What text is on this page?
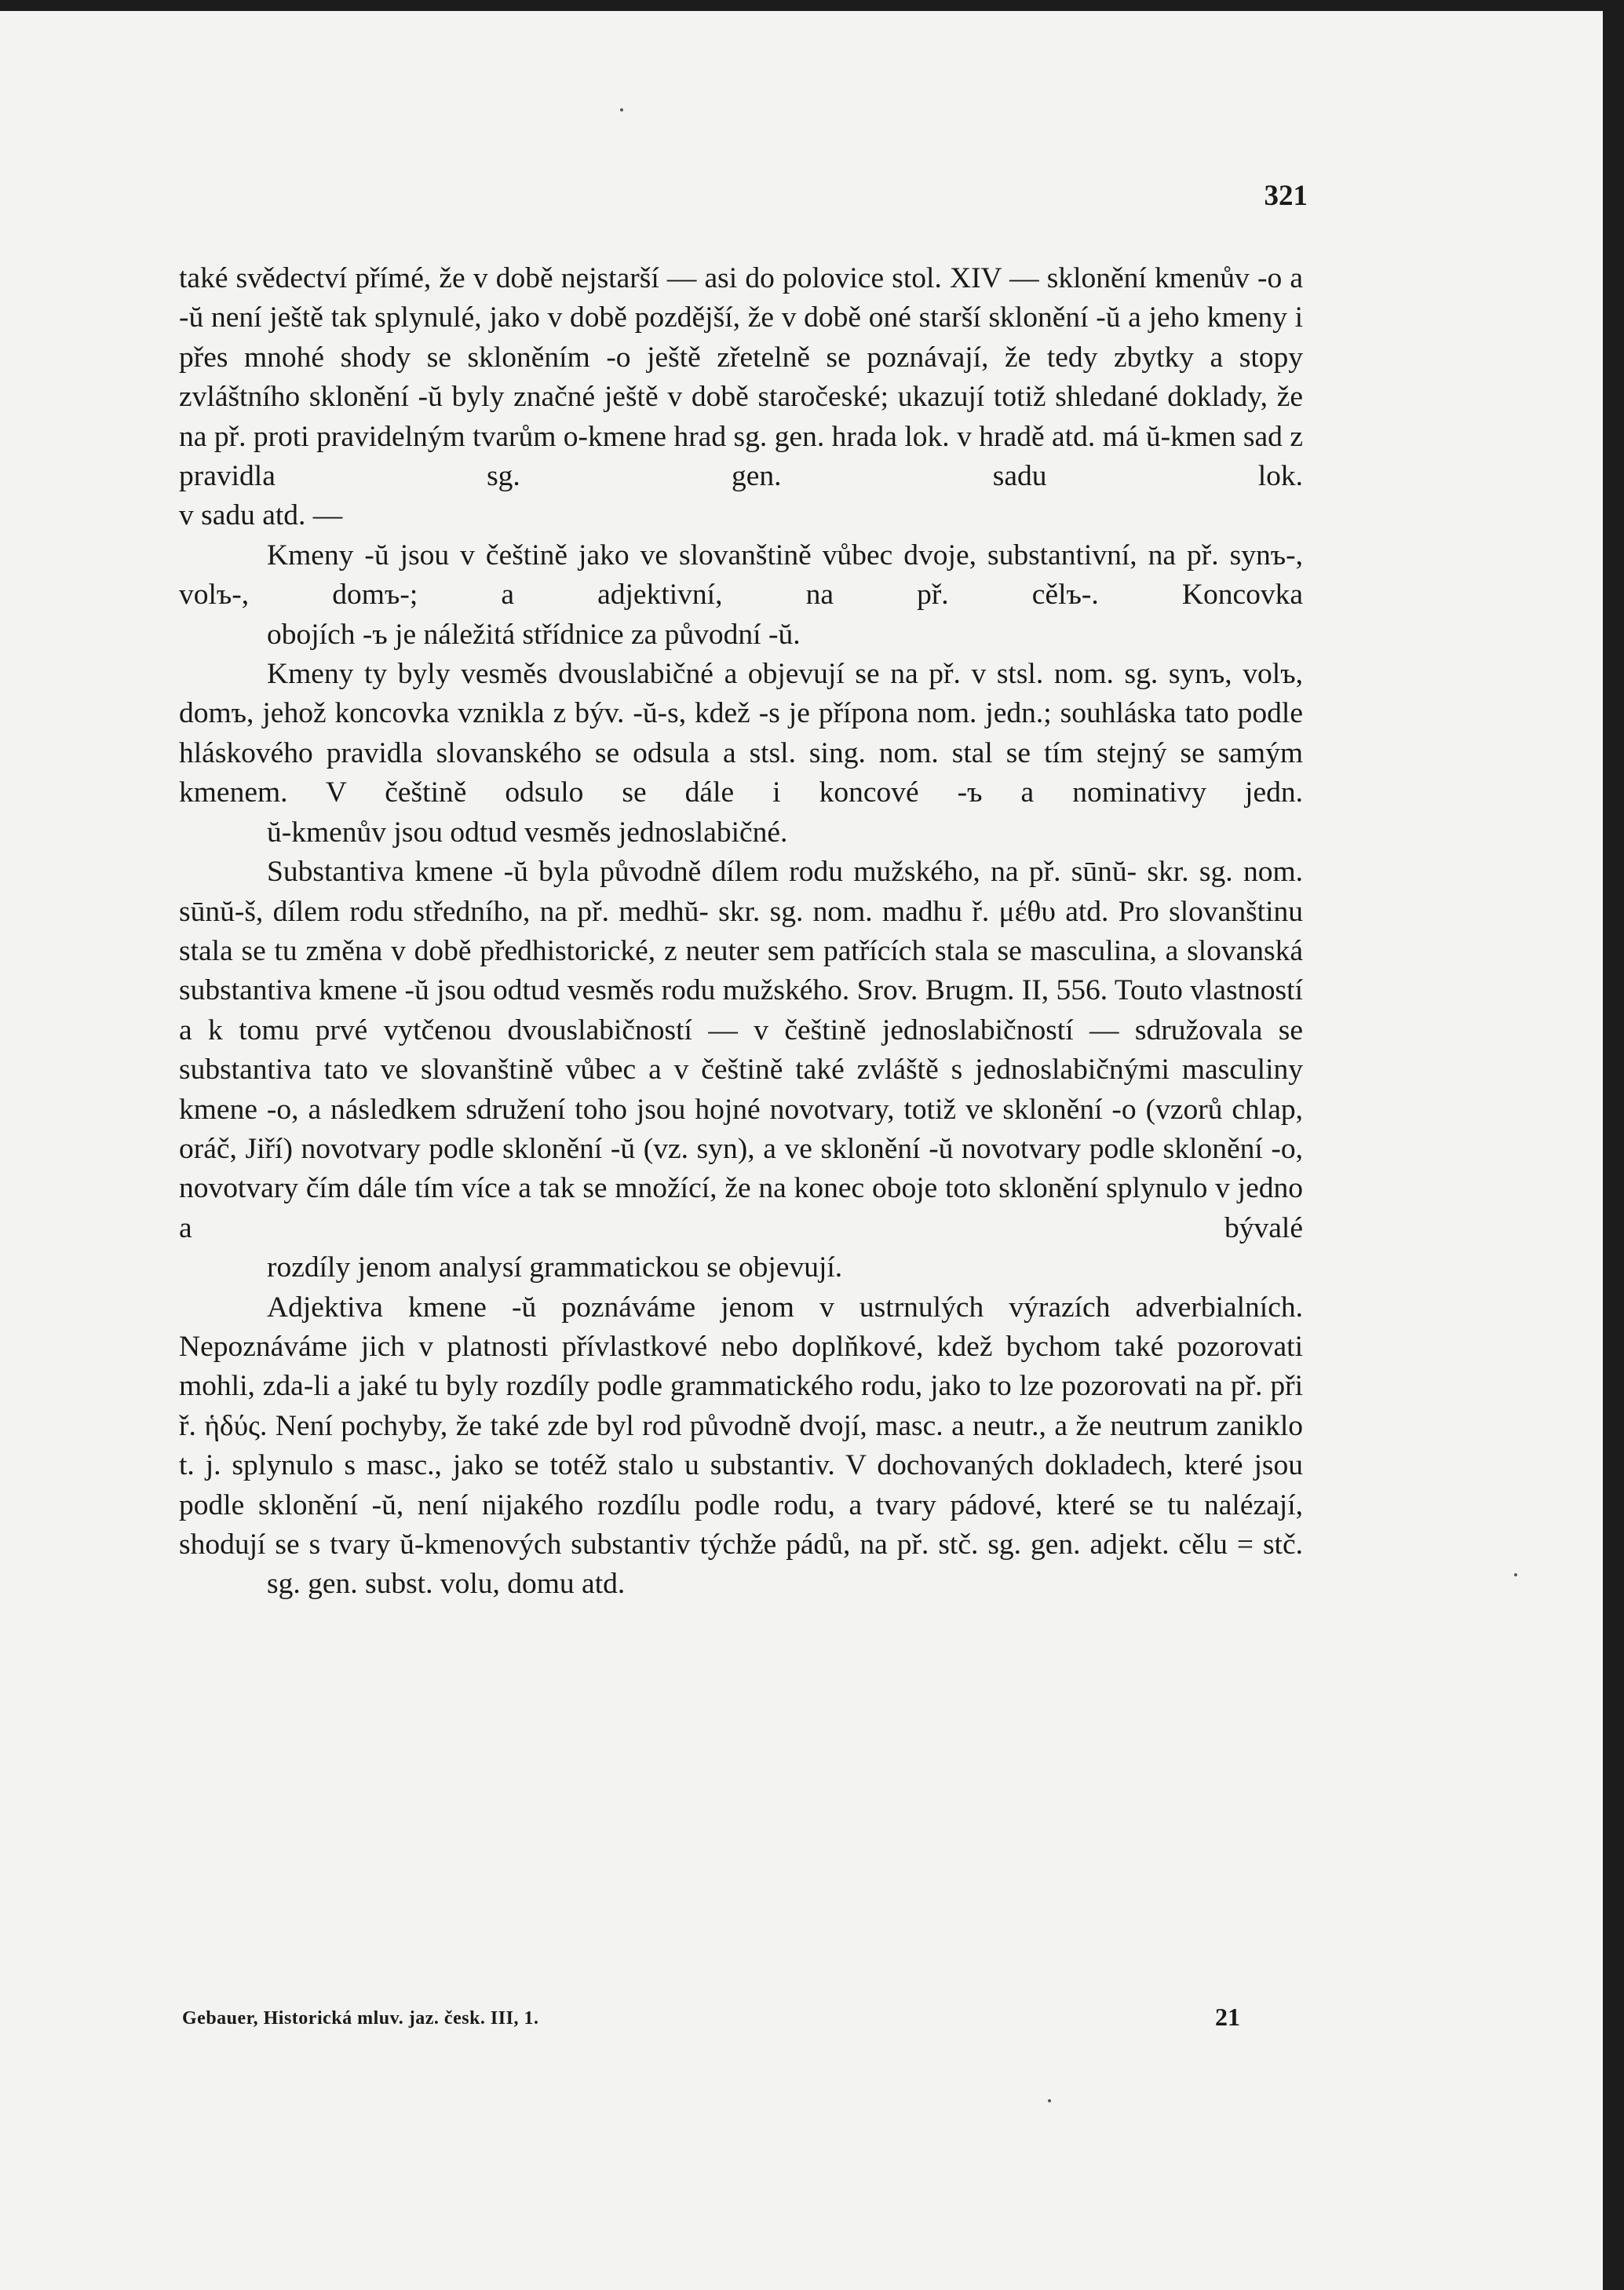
321

také svědectví přímé, že v době nejstarší — asi do polovice stol. XIV — sklonění kmenův -o a -ŭ není ještě tak splynulé, jako v době pozdější, že v době oné starší sklonění -ŭ a jeho kmeny i přes mnohé shody se skloněním -o ještě zřetelně se poznávají, že tedy zbytky a stopy zvláštního sklonění -ŭ byly značné ještě v době staročeské; ukazují totiž shledané doklady, že na př. proti pravidelným tvarům o-kmene hrad sg. gen. hrada lok. v hradě atd. má ŭ-kmen sad z pravidla sg. gen. sadu lok.
v sadu atd. —

Kmeny -ŭ jsou v češtině jako ve slovanštině vůbec dvoje, substantivní, na př. synъ-, volъ-, domъ-; a adjektivní, na př. cělъ-. Koncovka
obojích -ъ je náležitá střídnice za původní -ŭ.

Kmeny ty byly vesměs dvouslabičné a objevují se na př. v stsl. nom. sg. synъ, volъ, domъ, jehož koncovka vznikla z býv. -ŭ-s, kdež -s je přípona nom. jedn.; souhláska tato podle hláskového pravidla slovanského se odsula a stsl. sing. nom. stal se tím stejný se samým kmenem. V češtině odsulo se dále i koncové -ъ a nominativy jedn.
ŭ-kmenův jsou odtud vesměs jednoslabičné.

Substantiva kmene -ŭ byla původně dílem rodu mužského, na př. sūnŭ- skr. sg. nom. sūnŭ-š, dílem rodu středního, na př. medhŭ- skr. sg. nom. madhu ř. μέθυ atd. Pro slovanštinu stala se tu změna v době předhistorické, z neuter sem patřících stala se masculina, a slovanská substantiva kmene -ŭ jsou odtud vesměs rodu mužského. Srov. Brugm. II, 556. Touto vlastností a k tomu prvé vytčenou dvouslabičností — v češtině jednoslabičností — sdružovala se substantiva tato ve slovanštině vůbec a v češtině také zvláště s jednoslabičnými masculiny kmene -o, a následkem sdružení toho jsou hojné novotvary, totiž ve sklonění -o (vzorů chlap, oráč, Jiří) novotvary podle sklonění -ŭ (vz. syn), a ve sklonění -ŭ novotvary podle sklonění -o, novotvary čím dále tím více a tak se množící, že na konec oboje toto sklonění splynulo v jedno a bývalé
rozdíly jenom analysí grammatickou se objevují.

Adjektiva kmene -ŭ poznáváme jenom v ustrnulých výrazích adverbialních. Nepoznáváme jich v platnosti přívlastkové nebo doplňkové, kdež bychom také pozorovati mohli, zda-li a jaké tu byly rozdíly podle grammatického rodu, jako to lze pozorovati na př. při ř. ἡδύς. Není pochyby, že také zde byl rod původně dvojí, masc. a neutr., a že neutrum zaniklo t. j. splynulo s masc., jako se totéž stalo u substantiv. V dochovaných dokladech, které jsou podle sklonění -ŭ, není nijakého rozdílu podle rodu, a tvary pádové, které se tu nalézají, shodují se s tvary ŭ-kmenových substantiv týchže pádů, na př. stč. sg. gen. adjekt. cělu = stč.
sg. gen. subst. volu, domu atd.

Gebauer, Historická mluv. jaz. česk. III, 1.	21
